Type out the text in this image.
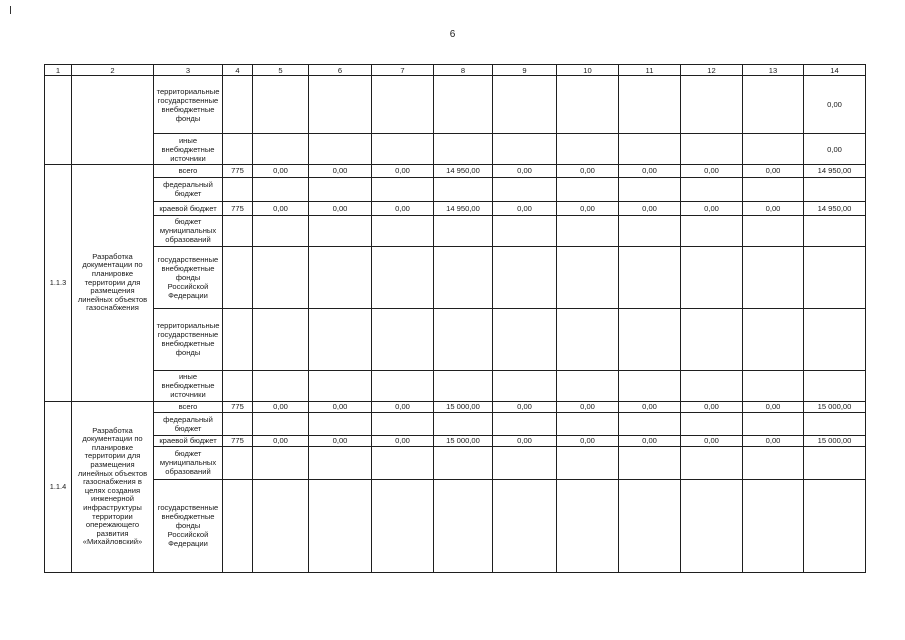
6
1	2	3	4	5	6	7	8	9	10	11	12	13	14
		территориальные государственные внебюджетные фонды											0,00
		иные внебюджетные источники											0,00
1.1.3	Разработка документации по планировке территории для размещения линейных объектов газоснабжения	всего	775	0,00	0,00	0,00	14 950,00	0,00	0,00	0,00	0,00	0,00	14 950,00
		федеральный бюджет											
		краевой бюджет	775	0,00	0,00	0,00	14 950,00	0,00	0,00	0,00	0,00	0,00	14 950,00
		бюджет муниципальных образований											
		государственные внебюджетные фонды Российской Федерации											
		территориальные государственные внебюджетные фонды											
		иные внебюджетные источники											
1.1.4	Разработка документации по планировке территории для размещения линейных объектов газоснабжения в целях создания инженерной инфраструктуры территории опережающего развития «Михайловский»	всего	775	0,00	0,00	0,00	15 000,00	0,00	0,00	0,00	0,00	0,00	15 000,00
		федеральный бюджет											
		краевой бюджет	775	0,00	0,00	0,00	15 000,00	0,00	0,00	0,00	0,00	0,00	15 000,00
		бюджет муниципальных образований											
		государственные внебюджетные фонды Российской Федерации											
